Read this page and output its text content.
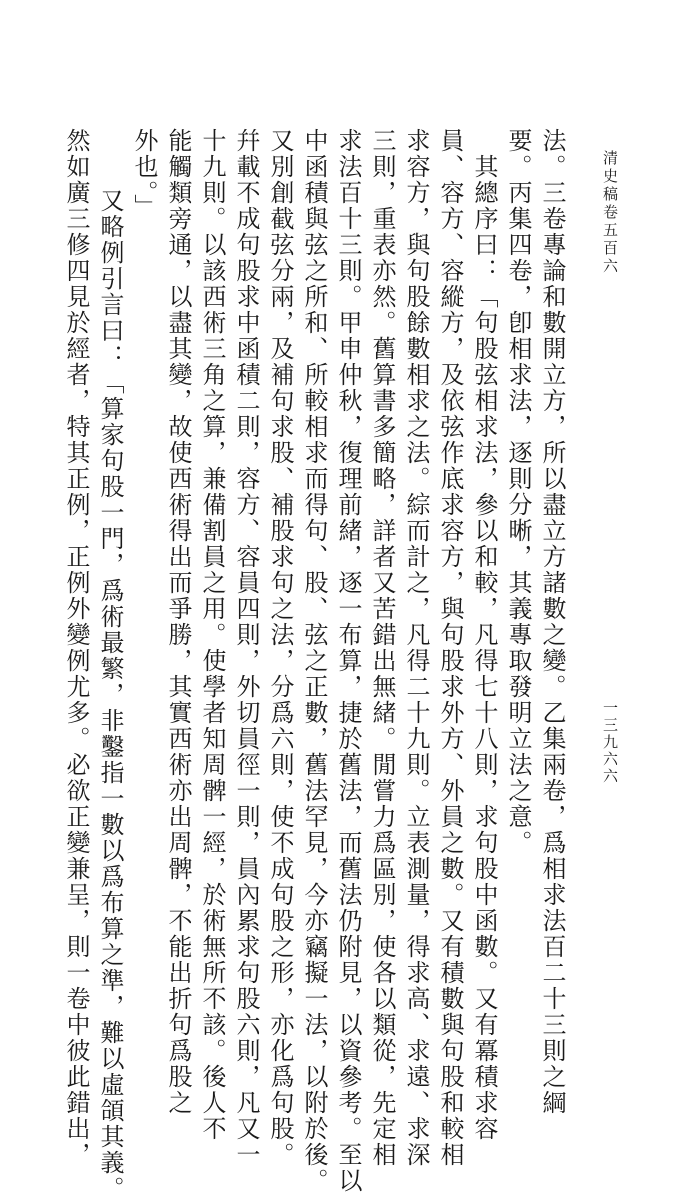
清史稿卷五百六
一三九六六
法。三卷專論和數開立方，所以盡立方諸數之變。乙集兩卷，爲相求法百二十三則之綱
要。丙集四卷，卽相求法，逐則分晰，其義專取發明立法之意。
其總序曰：「句股弦相求法，參以和較，凡得七十八則，求句股中函數。又有冪積求容
員、容方、容縱方，及依弦作底求容方，與句股求外方、外員之數。又有積數與句股和較相
求容方，與句股餘數相求之法。綜而計之，凡得二十九則。立表測量，得求高、求遠、求深
三則，重表亦然。舊算書多簡略，詳者又苦錯出無緒。閒嘗力爲區別，使各以類從，先定相
求法百十三則。甲申仲秋，復理前緒，逐一布算，捷於舊法，而舊法仍附見，以資參考。至以
中函積與弦之所和、所較相求而得句、股、弦之正數，舊法罕見，今亦竊擬一法，以附於後。
又別創截弦分兩，及補句求股、補股求句之法，分爲六則，使不成句股之形，亦化爲句股。
幷載不成句股求中函積二則，容方、容員四則，外切員徑一則，員內累求句股六則，凡又一
十九則。以該西術三角之算，兼備割員之用。使學者知周髀一經，於術無所不該。後人不
能觸類旁通，以盡其變，故使西術得出而爭勝，其實西術亦出周髀，不能出折句爲股之
外也。」
又略例引言曰：「算家句股一門，爲術最繁，非鑿指一數以爲布算之準，難以虛頜其義。
然如廣三修四見於經者，特其正例，正例外變例尤多。必欲正變兼呈，則一卷中彼此錯出，
